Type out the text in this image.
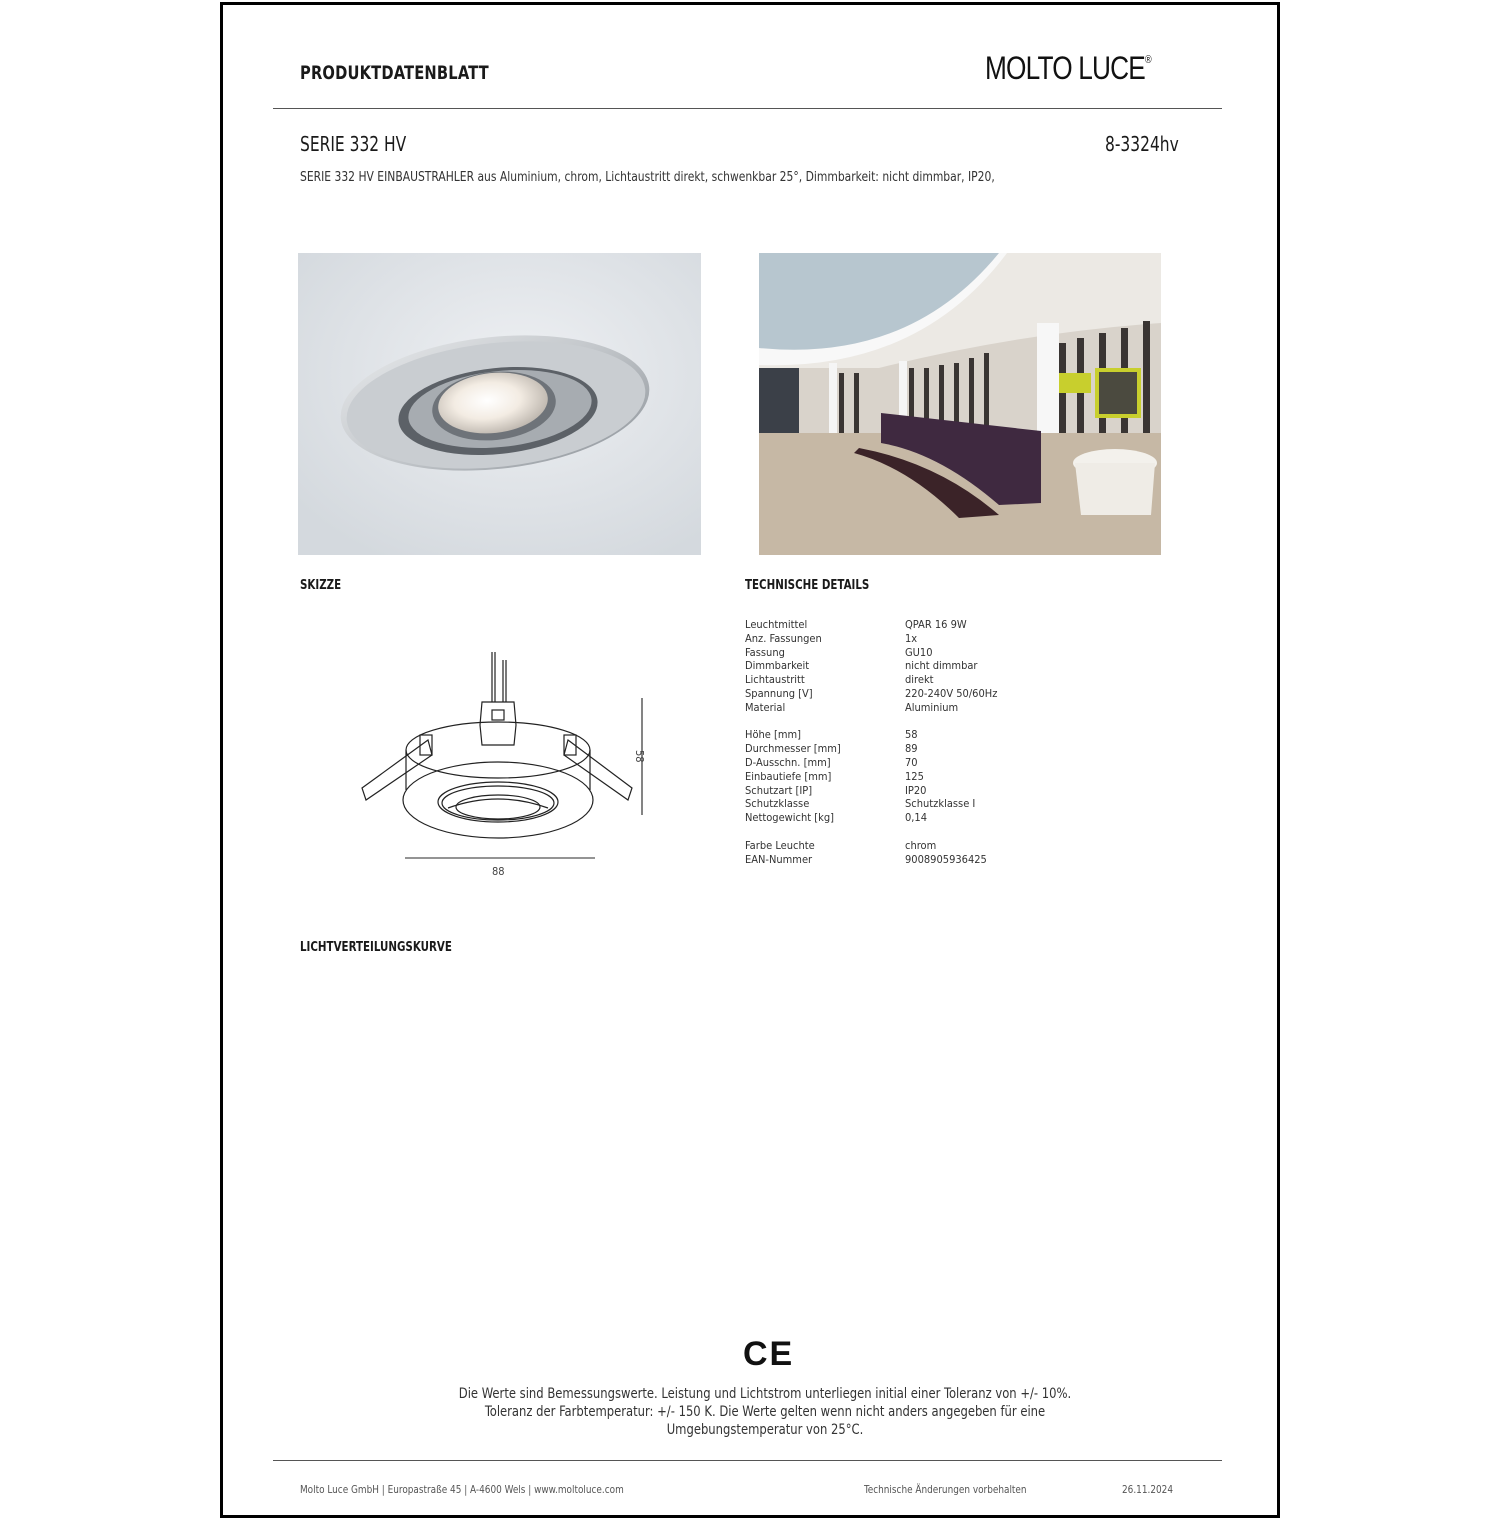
PRODUKTDATENBLATT	MOLTO LUCE®
SERIE 332 HV	8-3324hv
SERIE 332 HV EINBAUSTRAHLER aus Aluminium, chrom, Lichtaustritt direkt, schwenkbar 25°, Dimmbarkeit: nicht dimmbar, IP20,
SKIZZE	TECHNISCHE DETAILS
88
58
Leuchtmittel	QPAR 16 9W
Anz. Fassungen	1x
Fassung	GU10
Dimmbarkeit	nicht dimmbar
Lichtaustritt	direkt
Spannung [V]	220-240V 50/60Hz
Material	Aluminium
Höhe [mm]	58
Durchmesser [mm]	89
D-Ausschn. [mm]	70
Einbautiefe [mm]	125
Schutzart [IP]	IP20
Schutzklasse	Schutzklasse I
Nettogewicht [kg]	0,14
Farbe Leuchte	chrom
EAN-Nummer	9008905936425
LICHTVERTEILUNGSKURVE
CE
Die Werte sind Bemessungswerte. Leistung und Lichtstrom unterliegen initial einer Toleranz von +/- 10%.
Toleranz der Farbtemperatur: +/- 150 K. Die Werte gelten wenn nicht anders angegeben für eine
Umgebungstemperatur von 25°C.
Molto Luce GmbH | Europastraße 45 | A-4600 Wels | www.moltoluce.com	Technische Änderungen vorbehalten	26.11.2024
